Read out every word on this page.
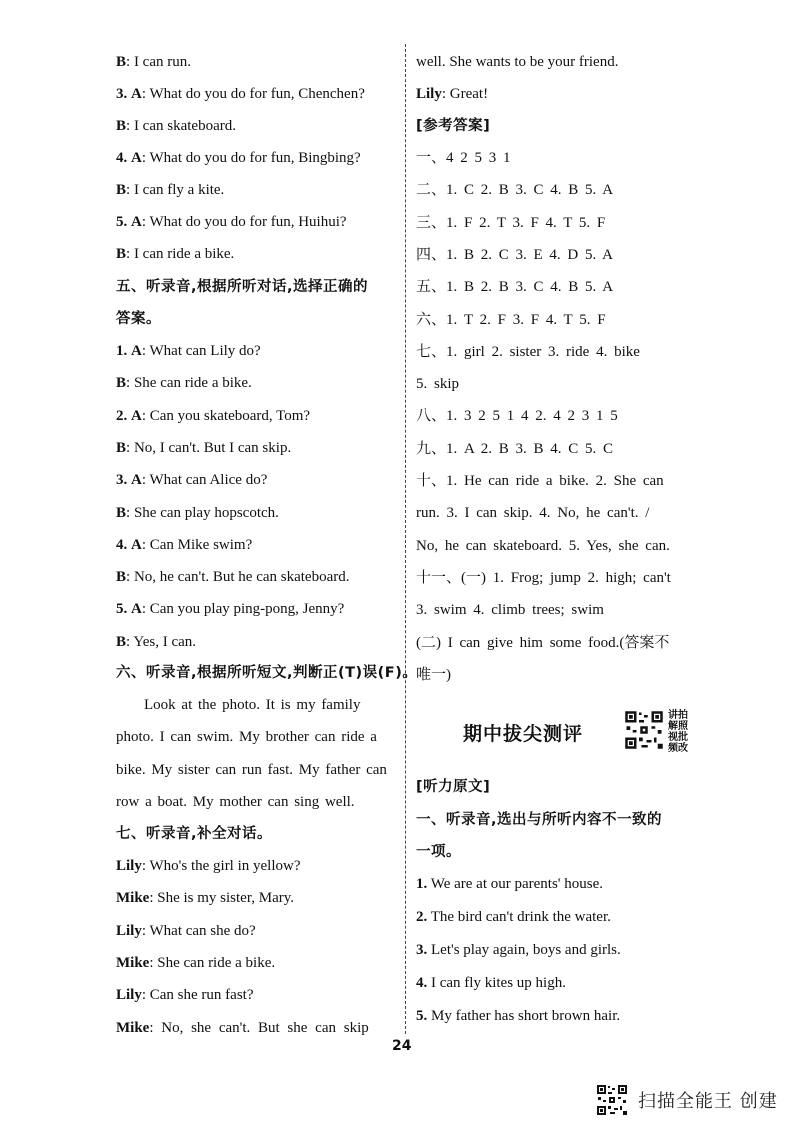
B: I can run.
3. A: What do you do for fun, Chenchen?
B: I can skateboard.
4. A: What do you do for fun, Bingbing?
B: I can fly a kite.
5. A: What do you do for fun, Huihui?
B: I can ride a bike.
五、听录音,根据所听对话,选择正确的
答案。
1. A: What can Lily do?
B: She can ride a bike.
2. A: Can you skateboard, Tom?
B: No, I can't. But I can skip.
3. A: What can Alice do?
B: She can play hopscotch.
4. A: Can Mike swim?
B: No, he can't. But he can skateboard.
5. A: Can you play ping-pong, Jenny?
B: Yes, I can.
六、听录音,根据所听短文,判断正(T)误(F)。
Look at the photo. It is my family
photo. I can swim. My brother can ride a
bike. My sister can run fast. My father can
row a boat. My mother can sing well.
七、听录音,补全对话。
Lily: Who's the girl in yellow?
Mike: She is my sister, Mary.
Lily: What can she do?
Mike: She can ride a bike.
Lily: Can she run fast?
Mike: No, she can't. But she can skip
well. She wants to be your friend.
Lily: Great!
[参考答案]
一、4 2 5 3 1
二、1. C 2. B 3. C 4. B 5. A
三、1. F 2. T 3. F 4. T 5. F
四、1. B 2. C 3. E 4. D 5. A
五、1. B 2. B 3. C 4. B 5. A
六、1. T 2. F 3. F 4. T 5. F
七、1. girl 2. sister 3. ride 4. bike
5. skip
八、1. 3 2 5 1 4 2. 4 2 3 1 5
九、1. A 2. B 3. B 4. C 5. C
十、1. He can ride a bike. 2. She can
run. 3. I can skip. 4. No, he can't. /
No, he can skateboard. 5. Yes, she can.
十一、(一) 1. Frog; jump 2. high; can't
3. swim 4. climb trees; swim
(二) I can give him some food.(答案不
唯一)
期中拔尖测评
讲拍
解照
视批
频改
[听力原文]
一、听录音,选出与所听内容不一致的
一项。
1. We are at our parents' house.
2. The bird can't drink the water.
3. Let's play again, boys and girls.
4. I can fly kites up high.
5. My father has short brown hair.
24
扫描全能王 创建
